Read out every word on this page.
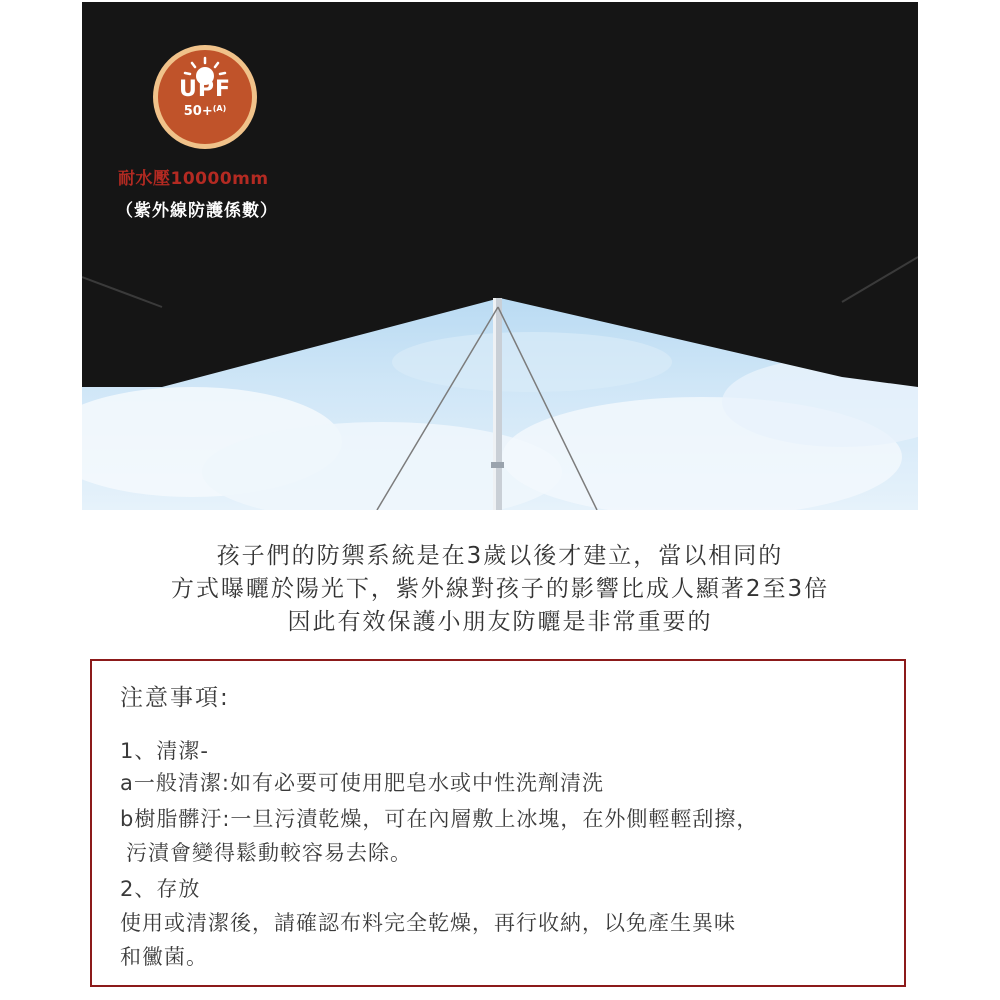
UPF
50+$^{(A)}$
耐水壓10000mm
（紫外線防護係數）
孩子們的防禦系統是在3歲以後才建立，當以相同的
方式曝曬於陽光下，紫外線對孩子的影響比成人顯著2至3倍
因此有效保護小朋友防曬是非常重要的
注意事項:
1、清潔-
a一般清潔:如有必要可使用肥皂水或中性洗劑清洗
b樹脂髒汙:一旦污漬乾燥，可在內層敷上冰塊，在外側輕輕刮擦，
污漬會變得鬆動較容易去除。
2、存放
使用或清潔後，請確認布料完全乾燥，再行收納，以免產生異味
和黴菌。
